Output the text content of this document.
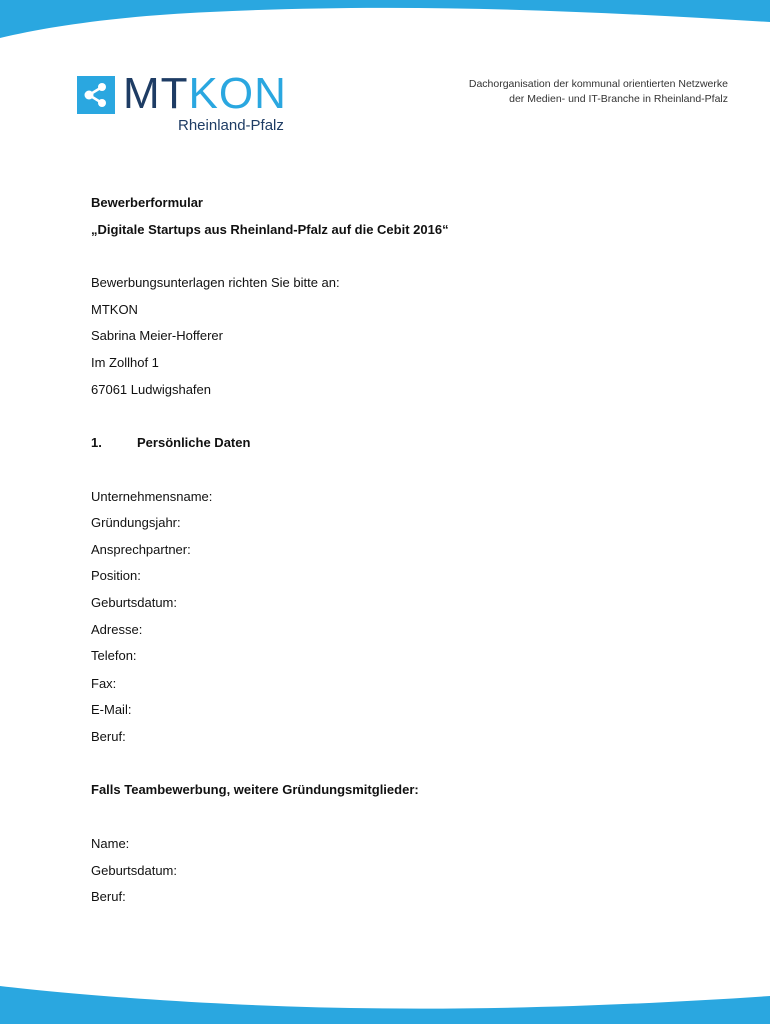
MTKON
Rheinland-Pfalz
Dachorganisation der kommunal orientierten Netzwerke
der Medien- und IT-Branche in Rheinland-Pfalz
Bewerberformular
„Digitale Startups aus Rheinland-Pfalz auf die Cebit 2016“
Bewerbungsunterlagen richten Sie bitte an:
MTKON
Sabrina Meier-Hofferer
Im Zollhof 1
67061 Ludwigshafen
1.	Persönliche Daten
Unternehmensname:
Gründungsjahr:
Ansprechpartner:
Position:
Geburtsdatum:
Adresse:
Telefon:
Fax:
E-Mail:
Beruf:
Falls Teambewerbung, weitere Gründungsmitglieder:
Name:
Geburtsdatum:
Beruf:
